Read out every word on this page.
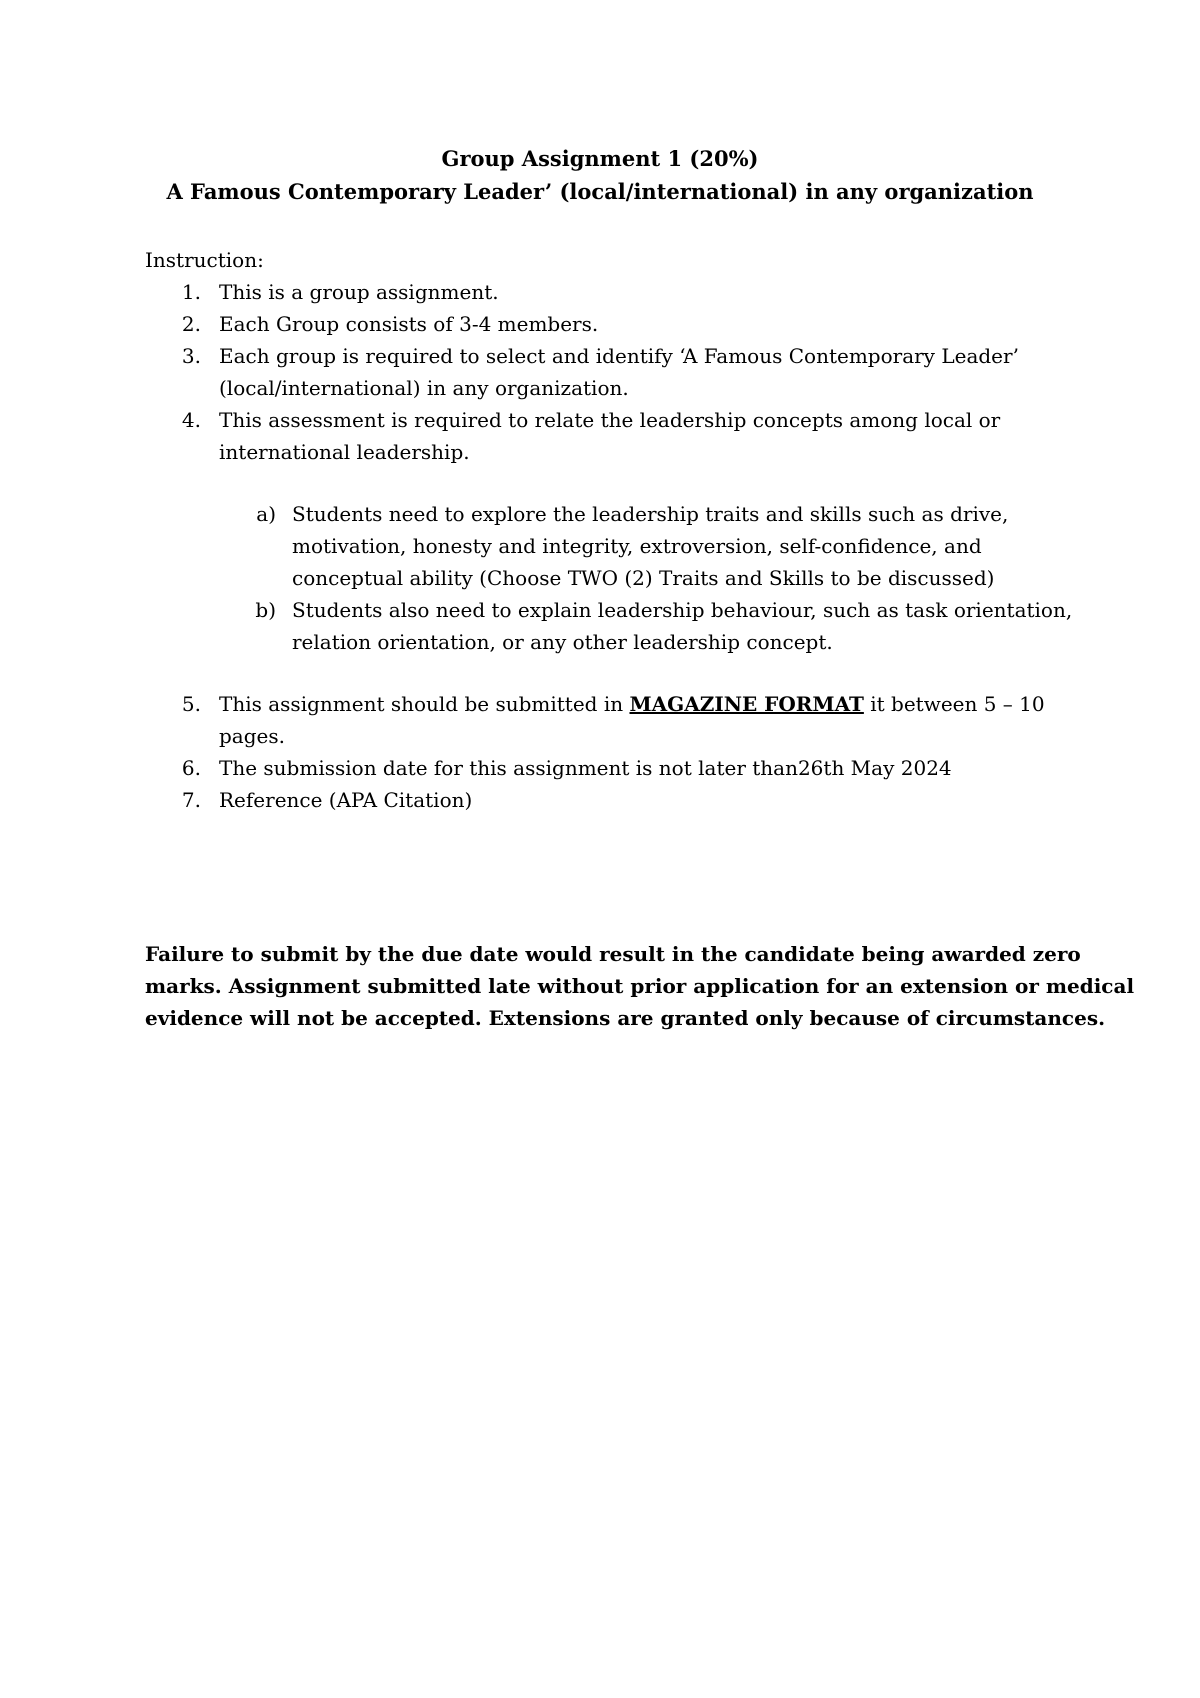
Group Assignment 1 (20%)
A Famous Contemporary Leader’ (local/international) in any organization
Instruction:
1. This is a group assignment.
2. Each Group consists of 3-4 members.
3. Each group is required to select and identify ‘A Famous Contemporary Leader’
(local/international) in any organization.
4. This assessment is required to relate the leadership concepts among local or
international leadership.
a) Students need to explore the leadership traits and skills such as drive,
motivation, honesty and integrity, extroversion, self-confidence, and
conceptual ability (Choose TWO (2) Traits and Skills to be discussed)
b) Students also need to explain leadership behaviour, such as task orientation,
relation orientation, or any other leadership concept.
5. This assignment should be submitted in MAGAZINE FORMAT it between 5 – 10
pages.
6. The submission date for this assignment is not later than26th May 2024
7. Reference (APA Citation)
Failure to submit by the due date would result in the candidate being awarded zero
marks. Assignment submitted late without prior application for an extension or medical
evidence will not be accepted. Extensions are granted only because of circumstances.
